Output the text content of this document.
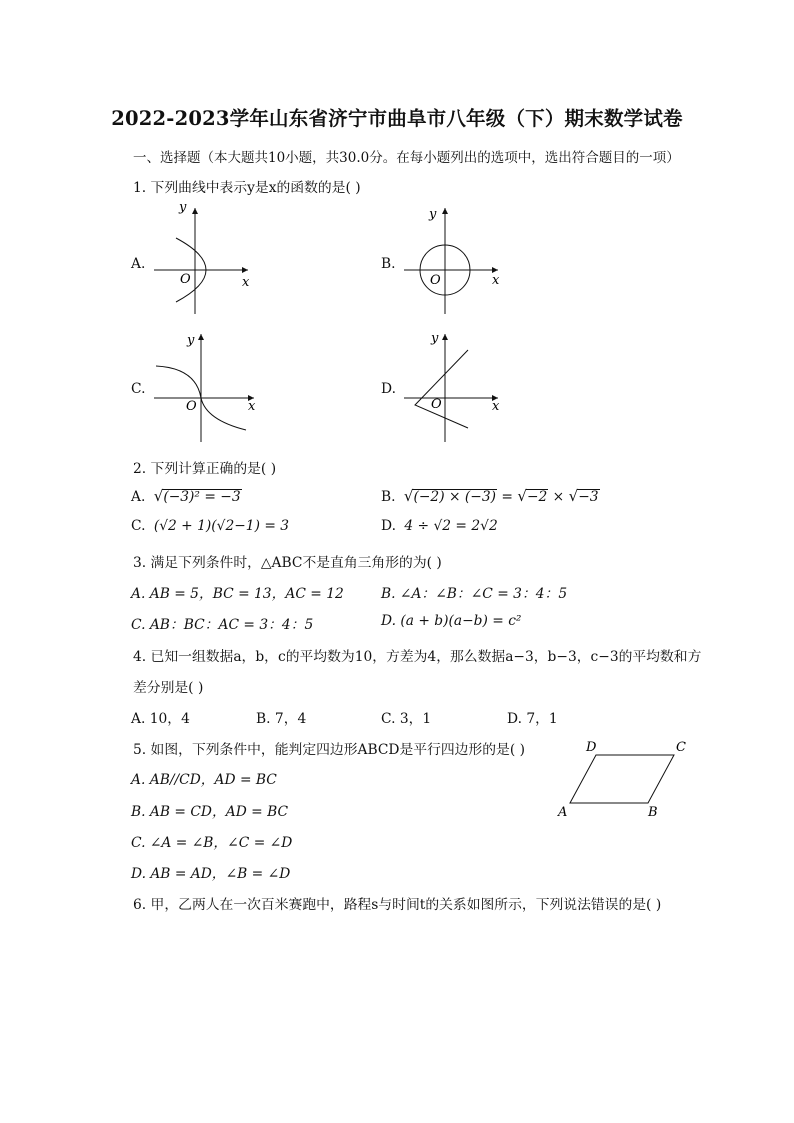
2022-2023学年山东省济宁市曲阜市八年级（下）期末数学试卷
一、选择题（本大题共10小题，共30.0分。在每小题列出的选项中，选出符合题目的一项）
1. 下列曲线中表示y是x的函数的是( )
A.	B.
C.	D.
y
x
O
y
x
O
y
x
O
y
x
O
2. 下列计算正确的是( )
A. √(−3)² = −3	B. √(−2) × (−3) = √−2 × √−3
C. (√2 + 1)(√2−1) = 3	D. 4 ÷ √2 = 2√2
3. 满足下列条件时，△ABC不是直角三角形的为( )
A. AB = 5，BC = 13，AC = 12	B. ∠A：∠B：∠C = 3：4：5
C. AB：BC：AC = 3：4：5	D. (a + b)(a−b) = c²
4. 已知一组数据a，b，c的平均数为10，方差为4，那么数据a−3，b−3，c−3的平均数和方
差分别是( )
A. 10，4	B. 7，4	C. 3，1	D. 7，1
5. 如图，下列条件中，能判定四边形ABCD是平行四边形的是( )
A. AB//CD，AD = BC
B. AB = CD，AD = BC
C. ∠A = ∠B，∠C = ∠D
D. AB = AD，∠B = ∠D
D	C
A	B
6. 甲，乙两人在一次百米赛跑中，路程s与时间t的关系如图所示，下列说法错误的是( )
